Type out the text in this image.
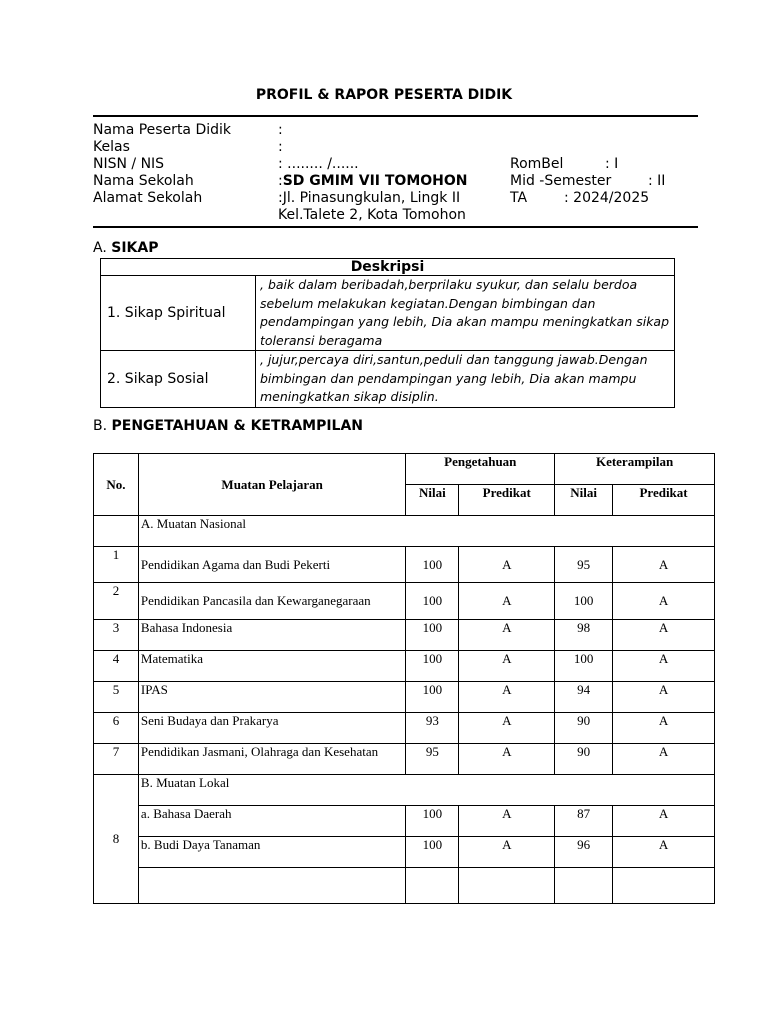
PROFIL & RAPOR PESERTA DIDIK
Nama Peserta Didik	:
Kelas	:
NISN / NIS	: ........ /......	RomBel	: I
Nama Sekolah	:SD GMIM VII TOMOHON	Mid -Semester	: II
Alamat Sekolah	:Jl. Pinasungkulan, Lingk II	TA	: 2024/2025
Kel.Talete 2, Kota Tomohon
A. SIKAP
Deskripsi	
1. Sikap Spiritual	, baik dalam beribadah,berprilaku syukur, dan selalu berdoa sebelum melakukan kegiatan.Dengan bimbingan dan pendampingan yang lebih, Dia akan mampu meningkatkan sikap toleransi beragama
2. Sikap Sosial	, jujur,percaya diri,santun,peduli dan tanggung jawab.Dengan bimbingan dan pendampingan yang lebih, Dia akan mampu meningkatkan sikap disiplin.
B. PENGETAHUAN & KETRAMPILAN
No.	Muatan Pelajaran	Pengetahuan		Keterampilan	
		Nilai	Predikat	Nilai	Predikat
	A. Muatan Nasional				
1	Pendidikan Agama dan Budi Pekerti	100	A	95	A
2	Pendidikan Pancasila dan Kewarganegaraan	100	A	100	A
3	Bahasa Indonesia	100	A	98	A
4	Matematika	100	A	100	A
5	IPAS	100	A	94	A
6	Seni Budaya dan Prakarya	93	A	90	A
7	Pendidikan Jasmani, Olahraga dan Kesehatan	95	A	90	A
8	B. Muatan Lokal				
	a. Bahasa Daerah	100	A	87	A
	b. Budi Daya Tanaman	100	A	96	A
